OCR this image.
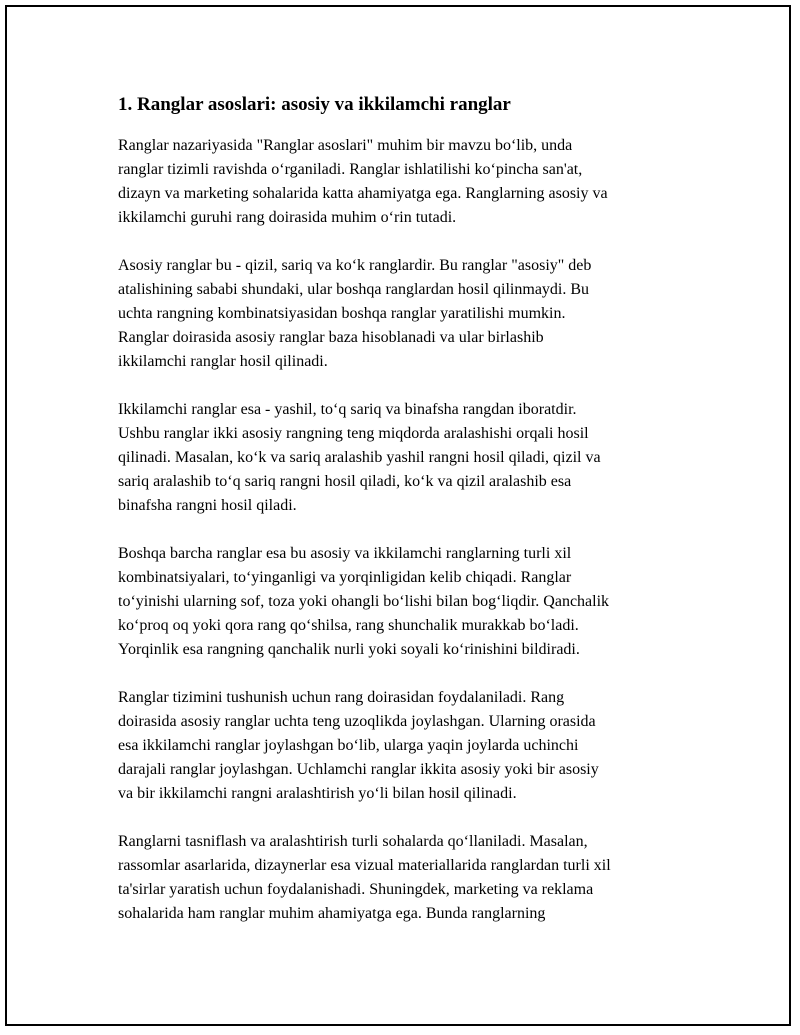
1. Ranglar asoslari: asosiy va ikkilamchi ranglar

Ranglar nazariyasida "Ranglar asoslari" muhim bir mavzu bo‘lib, unda
ranglar tizimli ravishda o‘rganiladi. Ranglar ishlatilishi ko‘pincha san'at,
dizayn va marketing sohalarida katta ahamiyatga ega. Ranglarning asosiy va
ikkilamchi guruhi rang doirasida muhim o‘rin tutadi.

Asosiy ranglar bu - qizil, sariq va ko‘k ranglardir. Bu ranglar "asosiy" deb
atalishining sababi shundaki, ular boshqa ranglardan hosil qilinmaydi. Bu
uchta rangning kombinatsiyasidan boshqa ranglar yaratilishi mumkin.
Ranglar doirasida asosiy ranglar baza hisoblanadi va ular birlashib
ikkilamchi ranglar hosil qilinadi.

Ikkilamchi ranglar esa - yashil, to‘q sariq va binafsha rangdan iboratdir.
Ushbu ranglar ikki asosiy rangning teng miqdorda aralashishi orqali hosil
qilinadi. Masalan, ko‘k va sariq aralashib yashil rangni hosil qiladi, qizil va
sariq aralashib to‘q sariq rangni hosil qiladi, ko‘k va qizil aralashib esa
binafsha rangni hosil qiladi.

Boshqa barcha ranglar esa bu asosiy va ikkilamchi ranglarning turli xil
kombinatsiyalari, to‘yinganligi va yorqinligidan kelib chiqadi. Ranglar
to‘yinishi ularning sof, toza yoki ohangli bo‘lishi bilan bog‘liqdir. Qanchalik
ko‘proq oq yoki qora rang qo‘shilsa, rang shunchalik murakkab bo‘ladi.
Yorqinlik esa rangning qanchalik nurli yoki soyali ko‘rinishini bildiradi.

Ranglar tizimini tushunish uchun rang doirasidan foydalaniladi. Rang
doirasida asosiy ranglar uchta teng uzoqlikda joylashgan. Ularning orasida
esa ikkilamchi ranglar joylashgan bo‘lib, ularga yaqin joylarda uchinchi
darajali ranglar joylashgan. Uchlamchi ranglar ikkita asosiy yoki bir asosiy
va bir ikkilamchi rangni aralashtirish yo‘li bilan hosil qilinadi.

Ranglarni tasniflash va aralashtirish turli sohalarda qo‘llaniladi. Masalan,
rassomlar asarlarida, dizaynerlar esa vizual materiallarida ranglardan turli xil
ta'sirlar yaratish uchun foydalanishadi. Shuningdek, marketing va reklama
sohalarida ham ranglar muhim ahamiyatga ega. Bunda ranglarning
